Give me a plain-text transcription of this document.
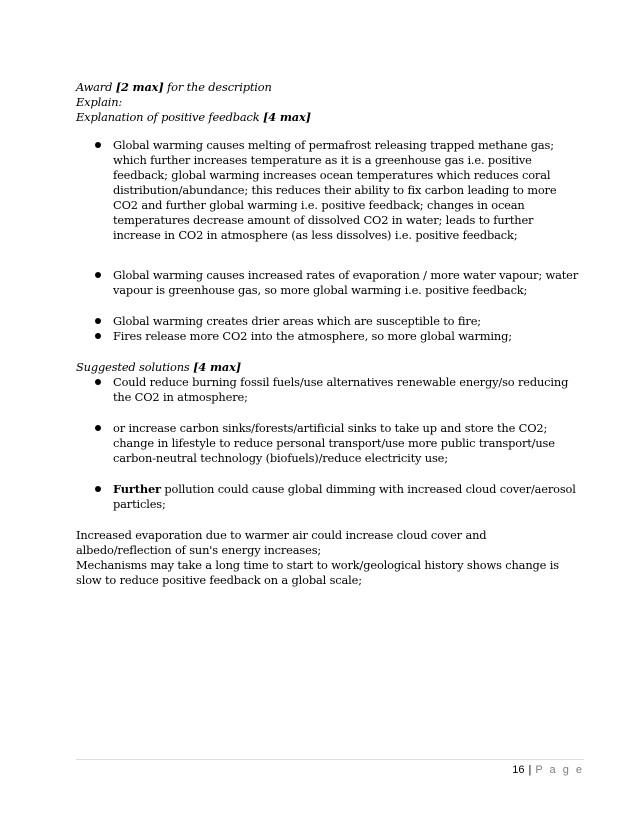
Award [2 max] for the description

Explain:

Explanation of positive feedback [4 max]

Global warming causes melting of permafrost releasing trapped methane gas; which further increases temperature as it is a greenhouse gas i.e. positive feedback; global warming increases ocean temperatures which reduces coral distribution/abundance; this reduces their ability to fix carbon leading to more CO2 and further global warming i.e. positive feedback; changes in ocean temperatures decrease amount of dissolved CO2 in water; leads to further increase in CO2 in atmosphere (as less dissolves) i.e. positive feedback;
Global warming causes increased rates of evaporation / more water vapour; water vapour is greenhouse gas, so more global warming i.e. positive feedback;
Global warming creates drier areas which are susceptible to fire;
Fires release more CO2 into the atmosphere, so more global warming;

Suggested solutions [4 max]

Could reduce burning fossil fuels/use alternatives renewable energy/so reducing the CO2 in atmosphere;
or increase carbon sinks/forests/artificial sinks to take up and store the CO2; change in lifestyle to reduce personal transport/use more public transport/use carbon-neutral technology (biofuels)/reduce electricity use;
Further pollution could cause global dimming with increased cloud cover/aerosol particles;

Increased evaporation due to warmer air could increase cloud cover and albedo/reflection of sun's energy increases;

Mechanisms may take a long time to start to work/geological history shows change is slow to reduce positive feedback on a global scale;

16 | P a g e
